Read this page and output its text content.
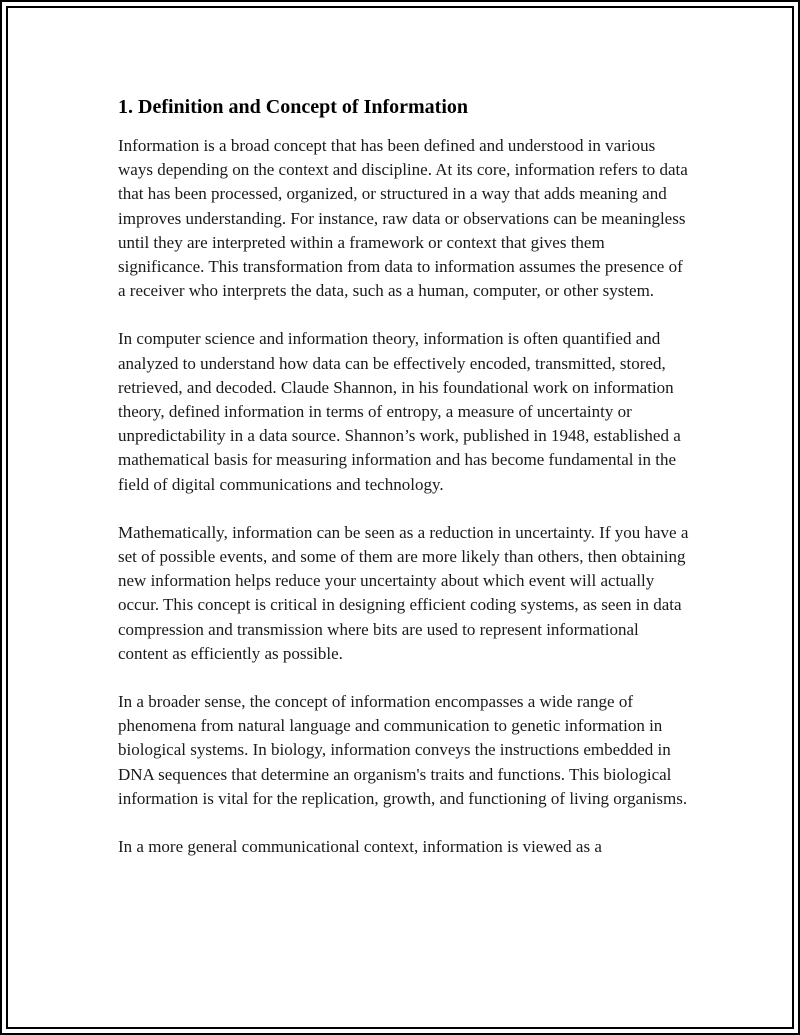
1. Definition and Concept of Information

Information is a broad concept that has been defined and understood in various ways depending on the context and discipline. At its core, information refers to data that has been processed, organized, or structured in a way that adds meaning and improves understanding. For instance, raw data or observations can be meaningless until they are interpreted within a framework or context that gives them significance. This transformation from data to information assumes the presence of a receiver who interprets the data, such as a human, computer, or other system.

In computer science and information theory, information is often quantified and analyzed to understand how data can be effectively encoded, transmitted, stored, retrieved, and decoded. Claude Shannon, in his foundational work on information theory, defined information in terms of entropy, a measure of uncertainty or unpredictability in a data source. Shannon’s work, published in 1948, established a mathematical basis for measuring information and has become fundamental in the field of digital communications and technology.

Mathematically, information can be seen as a reduction in uncertainty. If you have a set of possible events, and some of them are more likely than others, then obtaining new information helps reduce your uncertainty about which event will actually occur. This concept is critical in designing efficient coding systems, as seen in data compression and transmission where bits are used to represent informational content as efficiently as possible.

In a broader sense, the concept of information encompasses a wide range of phenomena from natural language and communication to genetic information in biological systems. In biology, information conveys the instructions embedded in DNA sequences that determine an organism's traits and functions. This biological information is vital for the replication, growth, and functioning of living organisms.

In a more general communicational context, information is viewed as a
